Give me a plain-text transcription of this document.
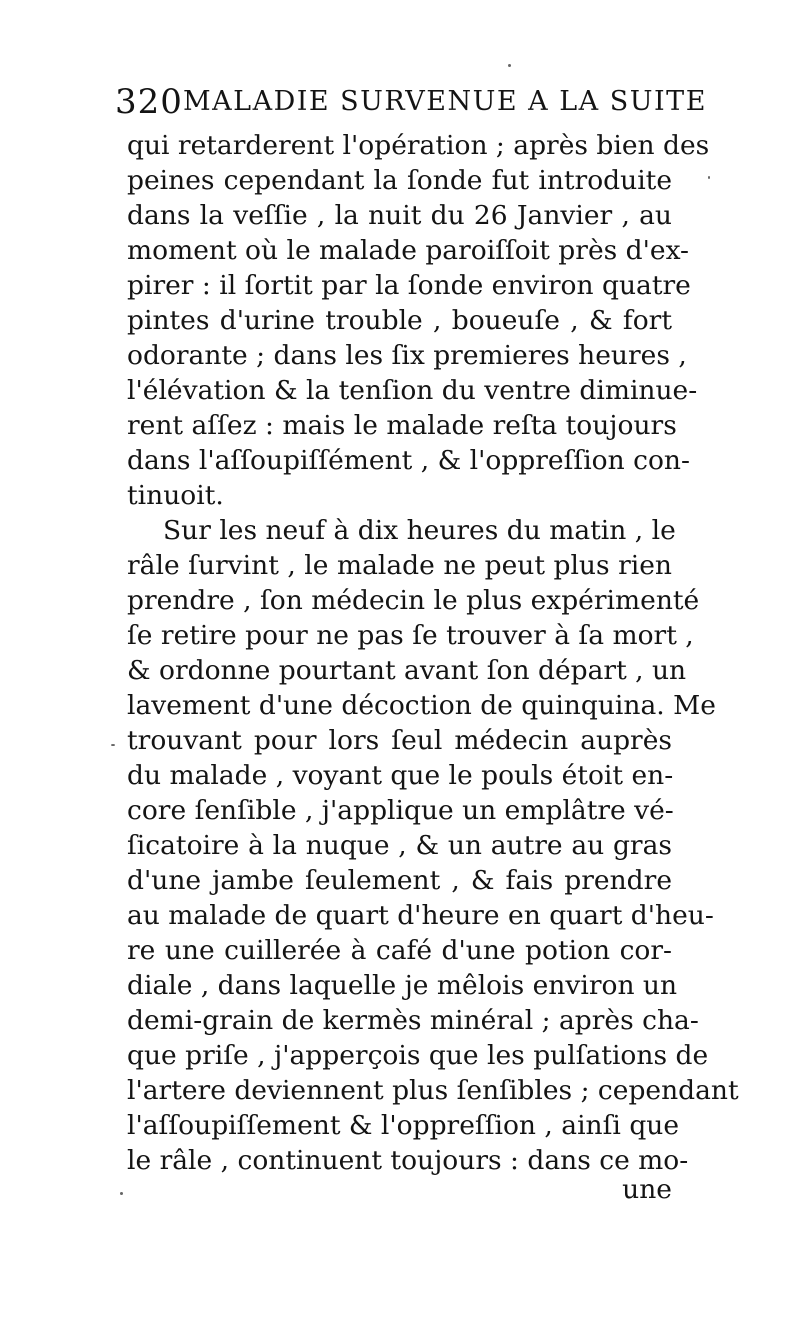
320 MALADIE SURVENUE A LA SUITE
qui retarderent l'opération ; après bien des
peines cependant la ſonde fut introduite
dans la veſſie , la nuit du 26 Janvier , au
moment où le malade paroiſſoit près d'ex-
pirer : il ſortit par la ſonde environ quatre
pintes d'urine trouble , boueuſe , & fort
odorante ; dans les ſix premieres heures ,
l'élévation & la tenſion du ventre diminue-
rent aſſez : mais le malade reſta toujours
dans l'aſſoupiſſément , & l'oppreſſion con-
tinuoit.
Sur les neuf à dix heures du matin , le
râle ſurvint , le malade ne peut plus rien
prendre , ſon médecin le plus expérimenté
ſe retire pour ne pas ſe trouver à ſa mort ,
& ordonne pourtant avant ſon départ , un
lavement d'une décoction de quinquina. Me
trouvant pour lors ſeul médecin auprès
du malade , voyant que le pouls étoit en-
core ſenſible , j'applique un emplâtre vé-
ſicatoire à la nuque , & un autre au gras
d'une jambe ſeulement , & fais prendre
au malade de quart d'heure en quart d'heu-
re une cuillerée à café d'une potion cor-
diale , dans laquelle je mêlois environ un
demi-grain de kermès minéral ; après cha-
que priſe , j'apperçois que les pulſations de
l'artere deviennent plus ſenſibles ; cependant
l'aſſoupiſſement & l'oppreſſion , ainſi que
le râle , continuent toujours : dans ce mo-
une
